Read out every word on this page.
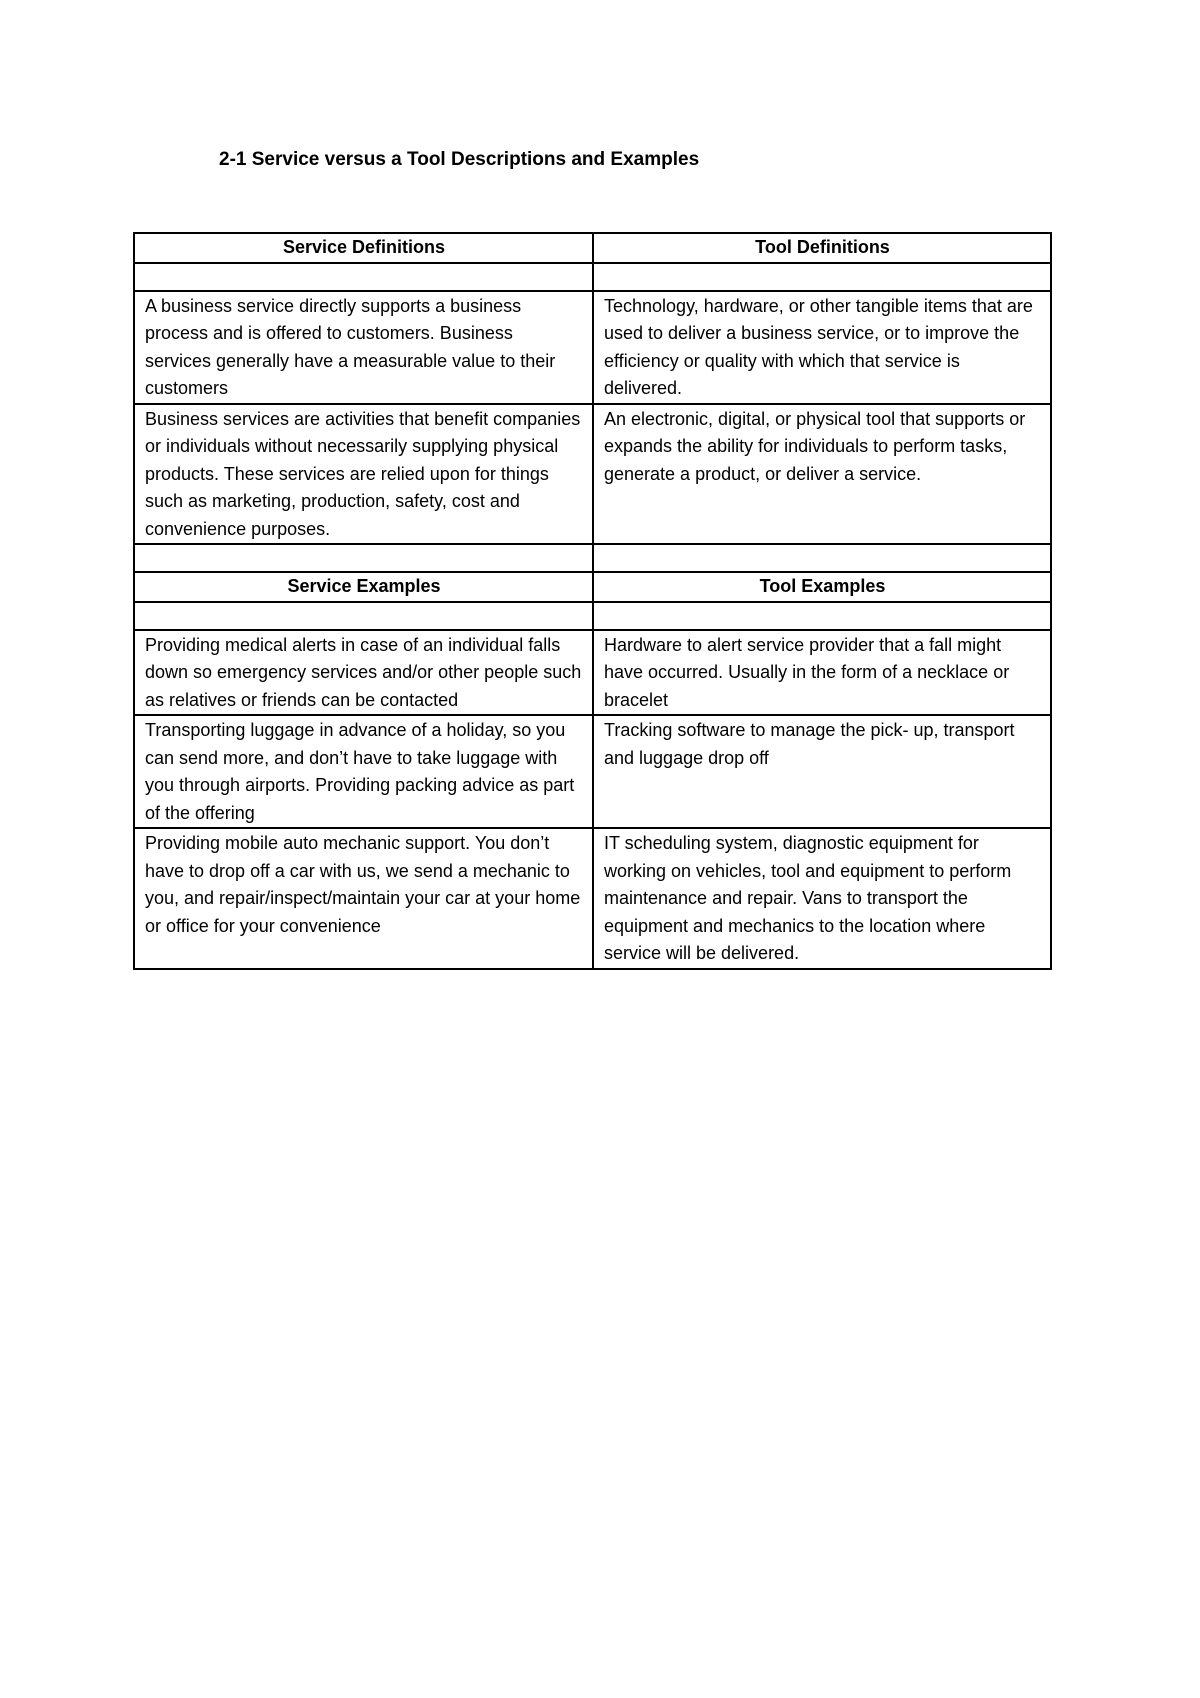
2-1 Service versus a Tool Descriptions and Examples
Service Definitions	Tool Definitions

A business service directly supports a business process and is offered to customers. Business services generally have a measurable value to their customers	Technology, hardware, or other tangible items that are used to deliver a business service, or to improve the efficiency or quality with which that service is delivered.
Business services are activities that benefit companies or individuals without necessarily supplying physical products. These services are relied upon for things such as marketing, production, safety, cost and convenience purposes.	An electronic, digital, or physical tool that supports or expands the ability for individuals to perform tasks, generate a product, or deliver a service.

Service Examples	Tool Examples

Providing medical alerts in case of an individual falls down so emergency services and/or other people such as relatives or friends can be contacted	Hardware to alert service provider that a fall might have occurred. Usually in the form of a necklace or bracelet
Transporting luggage in advance of a holiday, so you can send more, and don’t have to take luggage with you through airports. Providing packing advice as part of the offering	Tracking software to manage the pick- up, transport and luggage drop off
Providing mobile auto mechanic support. You don’t have to drop off a car with us, we send a mechanic to you, and repair/inspect/maintain your car at your home or office for your convenience	IT scheduling system, diagnostic equipment for working on vehicles, tool and equipment to perform maintenance and repair. Vans to transport the equipment and mechanics to the location where service will be delivered.
